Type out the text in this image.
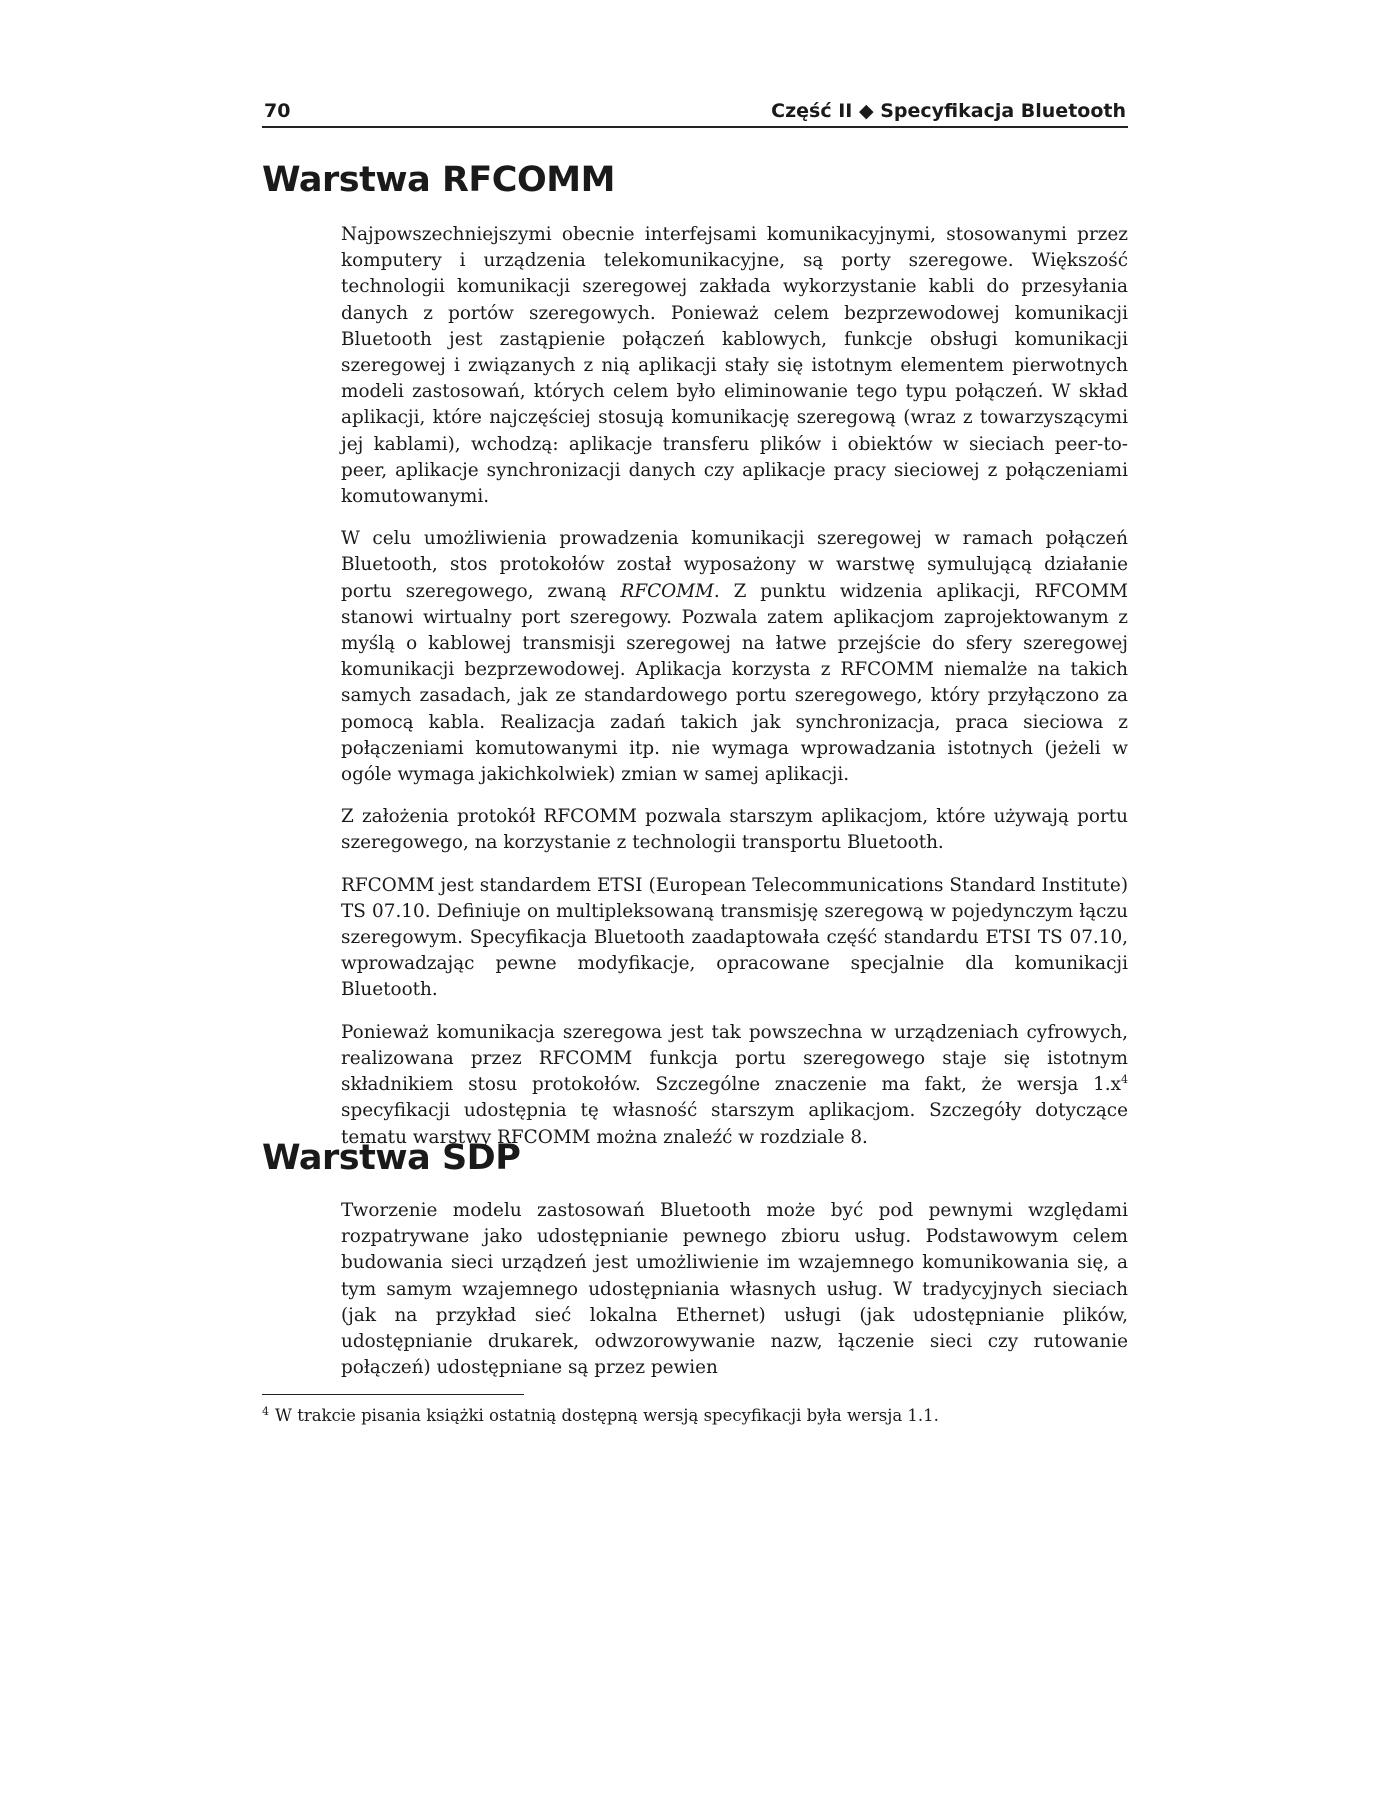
70	Część II ◆ Specyfikacja Bluetooth
Warstwa RFCOMM

Najpowszechniejszymi obecnie interfejsami komunikacyjnymi, stosowanymi przez komputery i urządzenia telekomunikacyjne, są porty szeregowe. Większość technologii komunikacji szeregowej zakłada wykorzystanie kabli do przesyłania danych z portów szeregowych. Ponieważ celem bezprzewodowej komunikacji Bluetooth jest zastąpienie połączeń kablowych, funkcje obsługi komunikacji szeregowej i związanych z nią aplikacji stały się istotnym elementem pierwotnych modeli zastosowań, których celem było eliminowanie tego typu połączeń. W skład aplikacji, które najczęściej stosują komunikację szeregową (wraz z towarzyszącymi jej kablami), wchodzą: aplikacje transferu plików i obiektów w sieciach peer-to-peer, aplikacje synchronizacji danych czy aplikacje pracy sieciowej z połączeniami komutowanymi.

W celu umożliwienia prowadzenia komunikacji szeregowej w ramach połączeń Bluetooth, stos protokołów został wyposażony w warstwę symulującą działanie portu szeregowego, zwaną RFCOMM. Z punktu widzenia aplikacji, RFCOMM stanowi wirtualny port szeregowy. Pozwala zatem aplikacjom zaprojektowanym z myślą o kablowej transmisji szeregowej na łatwe przejście do sfery szeregowej komunikacji bezprzewodowej. Aplikacja korzysta z RFCOMM niemalże na takich samych zasadach, jak ze standardowego portu szeregowego, który przyłączono za pomocą kabla. Realizacja zadań takich jak synchronizacja, praca sieciowa z połączeniami komutowanymi itp. nie wymaga wprowadzania istotnych (jeżeli w ogóle wymaga jakichkolwiek) zmian w samej aplikacji.

Z założenia protokół RFCOMM pozwala starszym aplikacjom, które używają portu szeregowego, na korzystanie z technologii transportu Bluetooth.

RFCOMM jest standardem ETSI (European Telecommunications Standard Institute) TS 07.10. Definiuje on multipleksowaną transmisję szeregową w pojedynczym łączu szeregowym. Specyfikacja Bluetooth zaadaptowała część standardu ETSI TS 07.10, wprowadzając pewne modyfikacje, opracowane specjalnie dla komunikacji Bluetooth.

Ponieważ komunikacja szeregowa jest tak powszechna w urządzeniach cyfrowych, realizowana przez RFCOMM funkcja portu szeregowego staje się istotnym składnikiem stosu protokołów. Szczególne znaczenie ma fakt, że wersja 1.x$^4$ specyfikacji udostępnia tę własność starszym aplikacjom. Szczegóły dotyczące tematu warstwy RFCOMM można znaleźć w rozdziale 8.

Warstwa SDP

Tworzenie modelu zastosowań Bluetooth może być pod pewnymi względami rozpatrywane jako udostępnianie pewnego zbioru usług. Podstawowym celem budowania sieci urządzeń jest umożliwienie im wzajemnego komunikowania się, a tym samym wzajemnego udostępniania własnych usług. W tradycyjnych sieciach (jak na przykład sieć lokalna Ethernet) usługi (jak udostępnianie plików, udostępnianie drukarek, odwzorowywanie nazw, łączenie sieci czy rutowanie połączeń) udostępniane są przez pewien

$^4$ W trakcie pisania książki ostatnią dostępną wersją specyfikacji była wersja 1.1.
